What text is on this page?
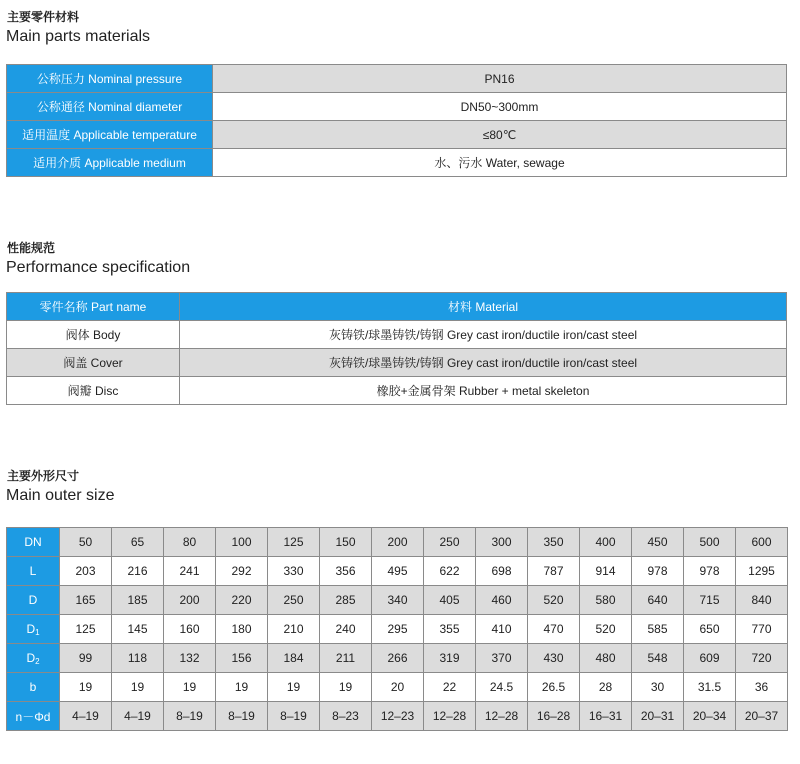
主要零件材料
Main parts materials
公称压力 Nominal pressure	PN16
公称通径 Nominal diameter	DN50~300mm
适用温度 Applicable temperature	≤80℃
适用介质 Applicable medium	水、污水 Water, sewage
性能规范
Performance specification
零件名称 Part name	材料 Material
阀体 Body	灰铸铁/球墨铸铁/铸钢 Grey cast iron/ductile iron/cast steel
阀盖 Cover	灰铸铁/球墨铸铁/铸钢 Grey cast iron/ductile iron/cast steel
阀瓣 Disc	橡胶+金属骨架 Rubber + metal skeleton
主要外形尺寸
Main outer size
DN	50	65	80	100	125	150	200	250	300	350	400	450	500	600
L	203	216	241	292	330	356	495	622	698	787	914	978	978	1295
D	165	185	200	220	250	285	340	405	460	520	580	640	715	840
$D_1$	125	145	160	180	210	240	295	355	410	470	520	585	650	770
$D_2$	99	118	132	156	184	211	266	319	370	430	480	548	609	720
b	19	19	19	19	19	19	20	22	24.5	26.5	28	30	31.5	36
n－Φd	4–19	4–19	8–19	8–19	8–19	8–23	12–23	12–28	12–28	16–28	16–31	20–31	20–34	20–37
